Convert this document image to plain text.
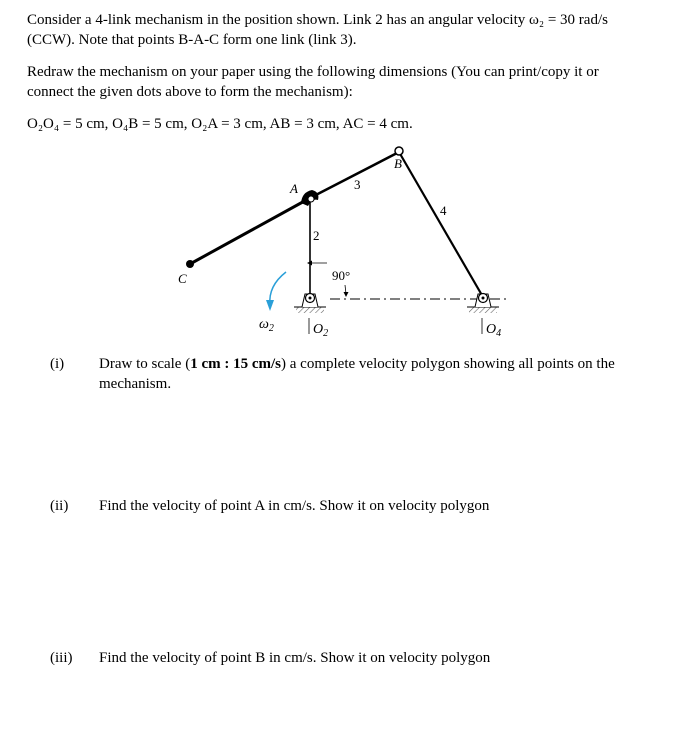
Consider a 4-link mechanism in the position shown. Link 2 has an angular velocity ω₂ = 30 rad/s
(CCW). Note that points B-A-C form one link (link 3).

Redraw the mechanism on your paper using the following dimensions (You can print/copy it or
connect the given dots above to form the mechanism):

O₂O₄ = 5 cm, O₄B = 5 cm, O₂A = 3 cm, AB = 3 cm, AC = 4 cm.

A
B
C
2
3
4
90°
$\omega_2$	$O_2$	$O_4$
(i) Draw to scale (1 cm : 15 cm/s) a complete velocity polygon showing all points on the
mechanism.
(ii) Find the velocity of point A in cm/s. Show it on velocity polygon
(iii) Find the velocity of point B in cm/s. Show it on velocity polygon
